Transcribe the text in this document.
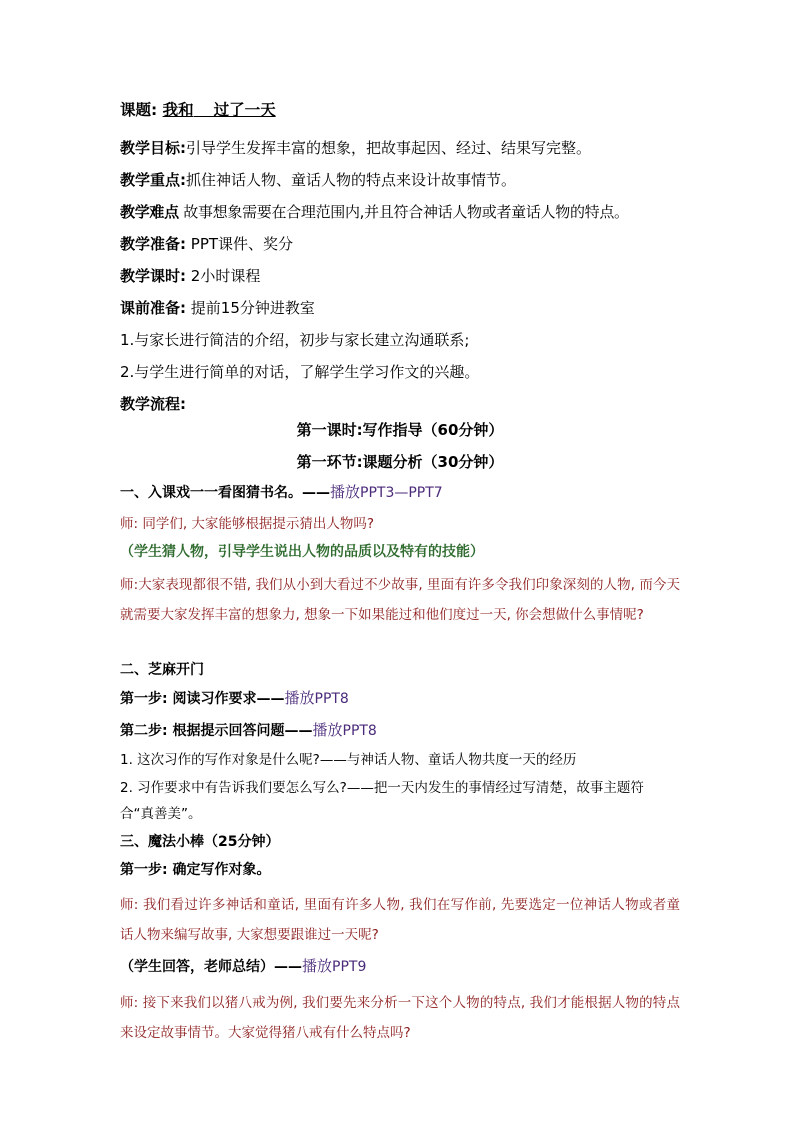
课题: 我和 过了一天
教学目标:引导学生发挥丰富的想象，把故事起因、经过、结果写完整。
教学重点:抓住神话人物、童话人物的特点来设计故事情节。
教学难点 故事想象需要在合理范围内,并且符合神话人物或者童话人物的特点。
教学准备: PPT课件、奖分
教学课时: 2小时课程
课前准备: 提前15分钟进教室
1.与家长进行简洁的介绍，初步与家长建立沟通联系;
2.与学生进行简单的对话，了解学生学习作文的兴趣。
教学流程:
第一课时:写作指导（60分钟）
第一环节:课题分析（30分钟）
一、入课戏一一看图猜书名。——播放PPT3—PPT7
师: 同学们, 大家能够根据提示猜出人物吗?
（学生猜人物，引导学生说出人物的品质以及特有的技能）
师:大家表现都很不错, 我们从小到大看过不少故事, 里面有许多令我们印象深刻的人物, 而今天就需要大家发挥丰富的想象力, 想象一下如果能过和他们度过一天, 你会想做什么事情呢?
二、芝麻开门
第一步: 阅读习作要求——播放PPT8
第二步: 根据提示回答问题——播放PPT8
1. 这次习作的写作对象是什么呢?——与神话人物、童话人物共度一天的经历
2. 习作要求中有告诉我们要怎么写么?——把一天内发生的事情经过写清楚，故事主题符
合“真善美”。
三、魔法小棒（25分钟）
第一步: 确定写作对象。
师: 我们看过许多神话和童话, 里面有许多人物, 我们在写作前, 先要选定一位神话人物或者童话人物来编写故事, 大家想要跟谁过一天呢?
（学生回答，老师总结）——播放PPT9
师: 接下来我们以猪八戒为例, 我们要先来分析一下这个人物的特点, 我们才能根据人物的特点来设定故事情节。大家觉得猪八戒有什么特点吗?
